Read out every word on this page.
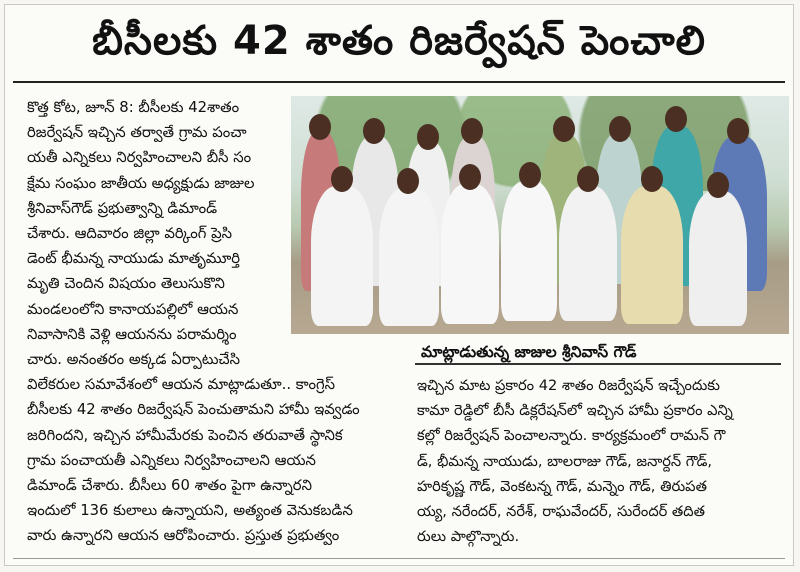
బీసీలకు 42 శాతం రిజర్వేషన్ పెంచాలి
కొత్త కోట, జూన్ 8: బీసీలకు 42శాతం
రిజర్వేషన్ ఇచ్చిన తర్వాతే గ్రామ పంచా
యతీ ఎన్నికలు నిర్వహించాలని బీసీ సం
క్షేమ సంఘం జాతీయ అధ్యక్షుడు జాజుల
శ్రీనివాస్‌గౌడ్ ప్రభుత్వాన్ని డిమాండ్
చేశారు. ఆదివారం జిల్లా వర్కింగ్ ప్రెసి
డెంట్ భీమన్న నాయుడు మాతృమూర్తి
మృతి చెందిన విషయం తెలుసుకొని
మండలంలోని కానాయపల్లిలో ఆయన
నివాసానికి వెళ్లి ఆయనను పరామర్శిం
చారు. అనంతరం అక్కడ ఏర్పాటుచేసి
విలేకరుల సమావేశంలో ఆయన మాట్లాడుతూ.. కాంగ్రెస్
బీసీలకు 42 శాతం రిజర్వేషన్ పెంచుతామని హామీ ఇవ్వడం
జరిగిందని, ఇచ్చిన హామీమేరకు పెంచిన తరువాతే స్థానిక
గ్రామ పంచాయతీ ఎన్నికలు నిర్వహించాలని ఆయన
డిమాండ్ చేశారు. బీసీలు 60 శాతం పైగా ఉన్నారని
ఇందులో 136 కులాలు ఉన్నాయని, అత్యంత వెనుకబడిన
వారు ఉన్నారని ఆయన ఆరోపించారు. ప్రస్తుత ప్రభుత్వం
మాట్లాడుతున్న జాజుల శ్రీనివాస్ గౌడ్
ఇచ్చిన మాట ప్రకారం 42 శాతం రిజర్వేషన్ ఇచ్చేందుకు
కామా రెడ్డిలో బీసీ డిక్లరేషన్‌లో ఇచ్చిన హామీ ప్రకారం ఎన్ని
కల్లో రిజర్వేషన్ పెంచాలన్నారు. కార్యక్రమంలో రామన్ గౌ
డ్, భీమన్న నాయుడు, బాలరాజు గౌడ్, జనార్దన్ గౌడ్,
హరికృష్ణ గౌడ్, వెంకటన్న గౌడ్, మన్నెం గౌడ్, తిరుపత
య్య, నరేందర్, నరేశ్, రాఘవేందర్, సురేందర్ తదిత
రులు పాల్గొన్నారు.
